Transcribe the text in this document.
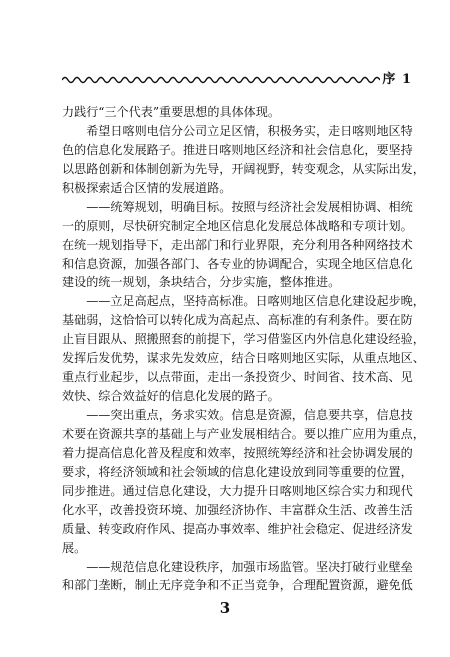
序 1
力践行“三个代表”重要思想的具体体现。
　　希望日喀则电信分公司立足区情，积极务实，走日喀则地区特
色的信息化发展路子。推进日喀则地区经济和社会信息化，要坚持
以思路创新和体制创新为先导，开阔视野，转变观念，从实际出发，
积极探索适合区情的发展道路。
　　——统筹规划，明确目标。按照与经济社会发展相协调、相统
一的原则，尽快研究制定全地区信息化发展总体战略和专项计划。
在统一规划指导下，走出部门和行业界限，充分利用各种网络技术
和信息资源，加强各部门、各专业的协调配合，实现全地区信息化
建设的统一规划，条块结合，分步实施，整体推进。
　　——立足高起点，坚持高标准。日喀则地区信息化建设起步晚，
基础弱，这恰恰可以转化成为高起点、高标准的有利条件。要在防
止盲目跟从、照搬照套的前提下，学习借鉴区内外信息化建设经验，
发挥后发优势，谋求先发效应，结合日喀则地区实际，从重点地区、
重点行业起步，以点带面，走出一条投资少、时间省、技术高、见
效快、综合效益好的信息化发展的路子。
　　——突出重点，务求实效。信息是资源，信息要共享，信息技
术要在资源共享的基础上与产业发展相结合。要以推广应用为重点，
着力提高信息化普及程度和效率，按照统筹经济和社会协调发展的
要求，将经济领域和社会领域的信息化建设放到同等重要的位置，
同步推进。通过信息化建设，大力提升日喀则地区综合实力和现代
化水平，改善投资环境、加强经济协作、丰富群众生活、改善生活
质量、转变政府作风、提高办事效率、维护社会稳定、促进经济发
展。
　　——规范信息化建设秩序，加强市场监管。坚决打破行业壁垒
和部门垄断，制止无序竞争和不正当竞争，合理配置资源，避免低
3
